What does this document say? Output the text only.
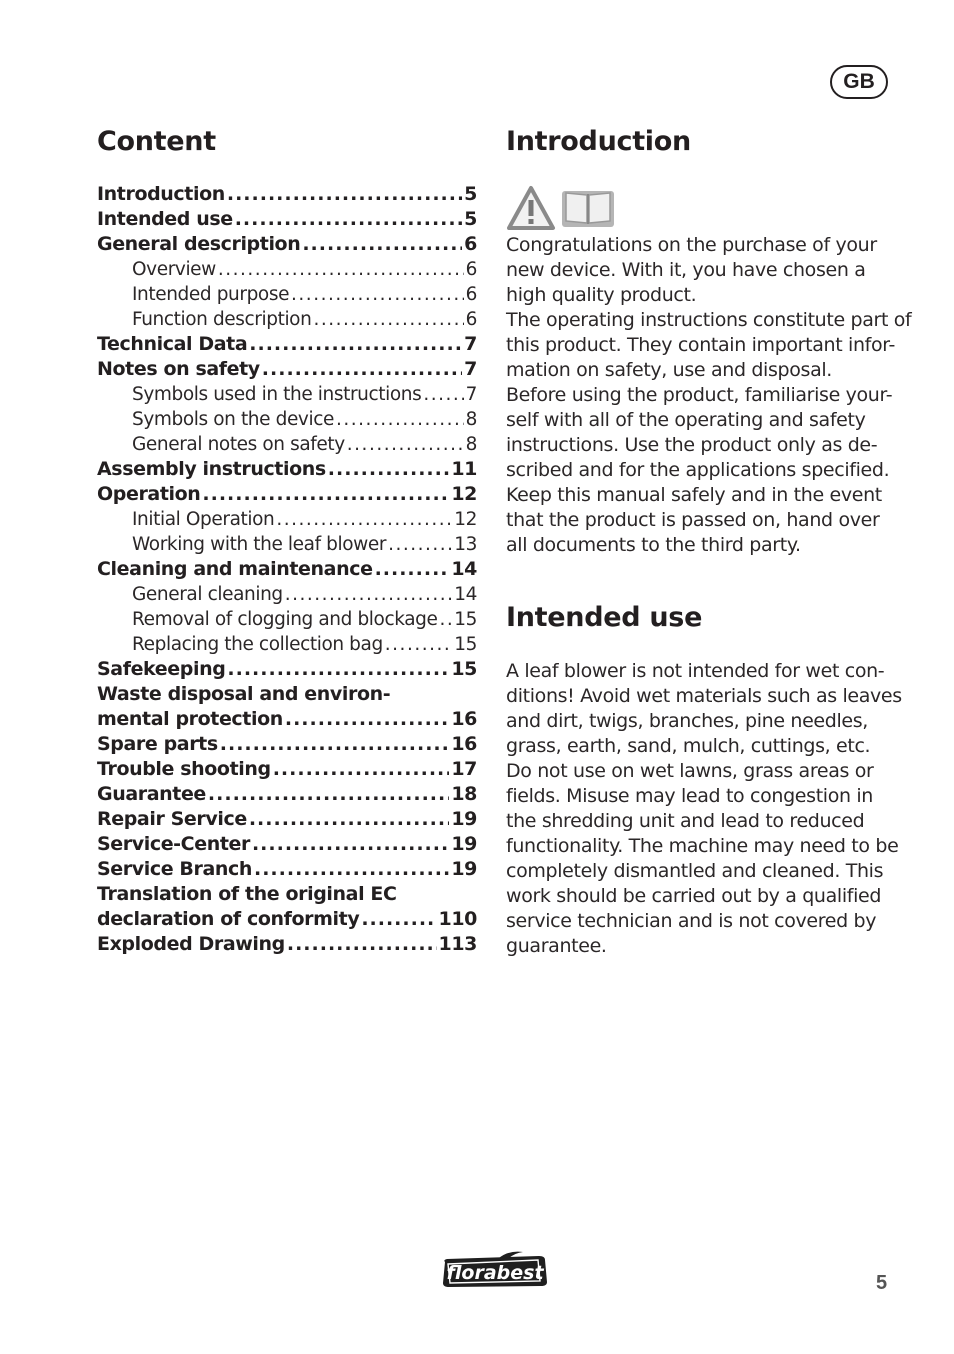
GB
Content
Introduction .....	5
Intended use .....	5
General description .....	6
Overview .....	6
Intended purpose .....	6
Function description .....	6
Technical Data .....	7
Notes on safety .....	7
Symbols used in the instructions ..... 7
Symbols on the device .....	8
General notes on safety .....	8
Assembly instructions .....	11
Operation .....	12
Initial Operation .....	12
Working with the leaf blower .....	13
Cleaning and maintenance .....	14
General cleaning .....	14
Removal of clogging and blockage ..... 15
Replacing the collection bag .....	15
Safekeeping .....	15
Waste disposal and environ-
mental protection .....	16
Spare parts .....	16
Trouble shooting .....	17
Guarantee .....	18
Repair Service .....	19
Service-Center .....	19
Service Branch .....	19
Translation of the original EC
declaration of conformity .....	110
Exploded Drawing .....	113
Introduction
Congratulations on the purchase of your
new device. With it, you have chosen a
high quality product.
The operating instructions constitute part of
this product. They contain important infor-
mation on safety, use and disposal.
Before using the product, familiarise your-
self with all of the operating and safety
instructions. Use the product only as de-
scribed and for the applications specified.
Keep this manual safely and in the event
that the product is passed on, hand over
all documents to the third party.
Intended use
A leaf blower is not intended for wet con-
ditions! Avoid wet materials such as leaves
and dirt, twigs, branches, pine needles,
grass, earth, sand, mulch, cuttings, etc.
Do not use on wet lawns, grass areas or
fields. Misuse may lead to congestion in
the shredding unit and lead to reduced
functionality. The machine may need to be
completely dismantled and cleaned. This
work should be carried out by a qualified
service technician and is not covered by
guarantee.
florabest	5
